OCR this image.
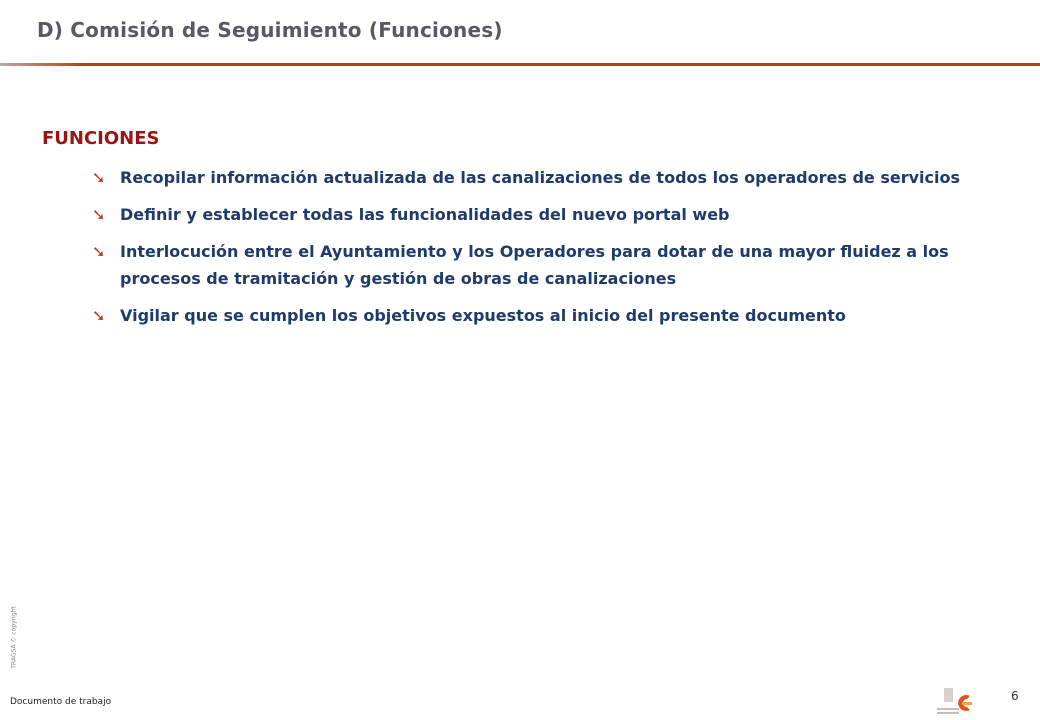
D) Comisión de Seguimiento (Funciones)
FUNCIONES
➘ Recopilar información actualizada de las canalizaciones de todos los operadores de servicios
➘ Definir y establecer todas las funcionalidades del nuevo portal web
➘ Interlocución entre el Ayuntamiento y los Operadores para dotar de una mayor fluidez a los procesos de tramitación y gestión de obras de canalizaciones
➘ Vigilar que se cumplen los objetivos expuestos al inicio del presente documento
TRAGSA © copyright
Documento de trabajo	6
